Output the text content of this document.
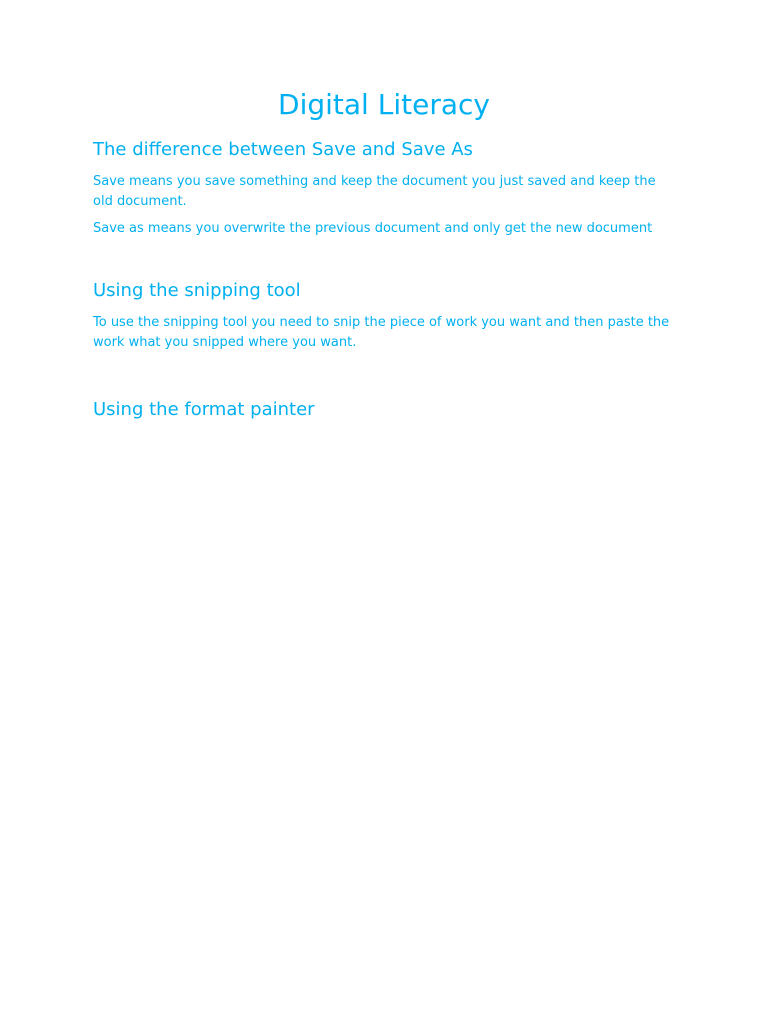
Digital Literacy
The difference between Save and Save As

Save means you save something and keep the document you just saved and keep the old document.

Save as means you overwrite the previous document and only get the new document

Using the snipping tool

To use the snipping tool you need to snip the piece of work you want and then paste the work what you snipped where you want.

Using the format painter
